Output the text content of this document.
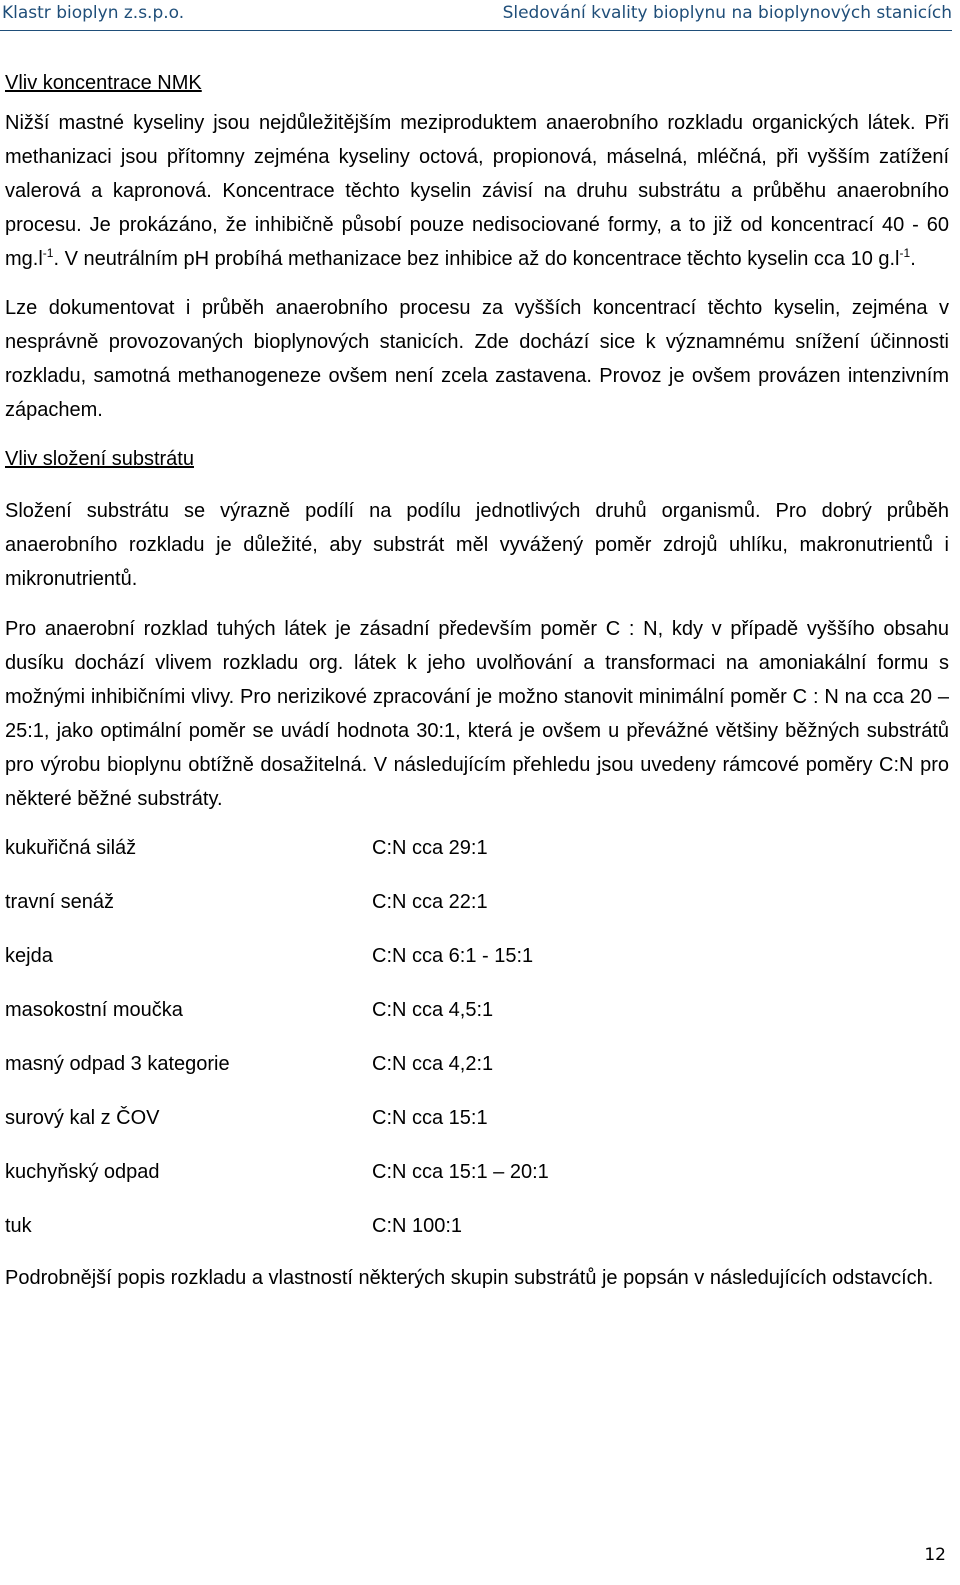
Klastr bioplyn z.s.p.o.	Sledování kvality bioplynu na bioplynových stanicích
Vliv koncentrace NMK

Nižší mastné kyseliny jsou nejdůležitějším meziproduktem anaerobního rozkladu organických látek. Při methanizaci jsou přítomny zejména kyseliny octová, propionová, máselná, mléčná, při vyšším zatížení valerová a kapronová. Koncentrace těchto kyselin závisí na druhu substrátu a průběhu anaerobního procesu. Je prokázáno, že inhibičně působí pouze nedisociované formy, a to již od koncentrací 40 - 60 $mg.l^{-1}$. V neutrálním pH probíhá methanizace bez inhibice až do koncentrace těchto kyselin cca 10 $g.l^{-1}$.

Lze dokumentovat i průběh anaerobního procesu za vyšších koncentrací těchto kyselin, zejména v nesprávně provozovaných bioplynových stanicích. Zde dochází sice k významnému snížení účinnosti rozkladu, samotná methanogeneze ovšem není zcela zastavena. Provoz je ovšem provázen intenzivním zápachem.

Vliv složení substrátu

Složení substrátu se výrazně podílí na podílu jednotlivých druhů organismů. Pro dobrý průběh anaerobního rozkladu je důležité, aby substrát měl vyvážený poměr zdrojů uhlíku, makronutrientů i mikronutrientů.

Pro anaerobní rozklad tuhých látek je zásadní především poměr C : N, kdy v případě vyššího obsahu dusíku dochází vlivem rozkladu org. látek k jeho uvolňování a transformaci na amoniakální formu s možnými inhibičními vlivy. Pro nerizikové zpracování je možno stanovit minimální poměr C : N na cca 20 – 25:1, jako optimální poměr se uvádí hodnota 30:1, která je ovšem u převážné většiny běžných substrátů pro výrobu bioplynu obtížně dosažitelná. V následujícím přehledu jsou uvedeny rámcové poměry C:N pro některé běžné substráty.

kukuřičná siláž	C:N cca 29:1
travní senáž	C:N cca 22:1
kejda	C:N cca 6:1 - 15:1
masokostní moučka	C:N cca 4,5:1
masný odpad 3 kategorie	C:N cca 4,2:1
surový kal z ČOV	C:N cca 15:1
kuchyňský odpad	C:N cca 15:1 – 20:1
tuk	C:N 100:1

Podrobnější popis rozkladu a vlastností některých skupin substrátů je popsán v následujících odstavcích.

12
